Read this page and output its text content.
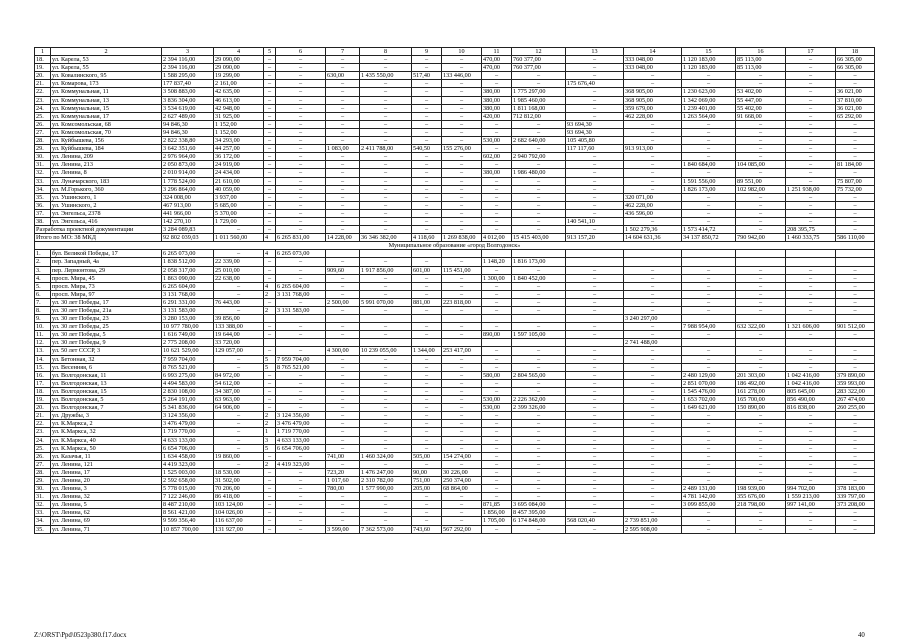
1	2	3	4	5	6	7	8	9	10	11	12	13	14	15	16	17	18
18.	ул. Карела, 53	2 394 116,00	29 090,00	–	–	–	–	–	–	470,00	760 377,00	–	333 048,00	1 120 183,00	85 113,00	–	66 305,00
19.	ул. Карела, 55	2 394 116,00	29 090,00	–	–	–	–	–	–	470,00	760 377,00	–	333 048,00	1 120 183,00	85 113,00	–	66 305,00
20.	ул. Ковалинского, 95	1 588 295,00	19 299,00	–	–	630,00	1 435 550,00	517,40	133 446,00	–	–	–	–	–	–	–	–
21.	ул. Комарова, 173	177 837,40	2 161,00	–	–	–	–	–	–	–	–	175 676,40	–	–	–	–	–
22.	ул. Коммунальная, 11	3 508 883,00	42 635,00	–	–	–	–	–	–	380,00	1 775 297,00	–	368 905,00	1 230 623,00	53 402,00	–	36 021,00
23.	ул. Коммунальная, 13	3 836 304,00	46 613,00	–	–	–	–	–	–	380,00	1 985 460,00	–	368 905,00	1 342 069,00	55 447,00	–	37 810,00
24.	ул. Коммунальная, 15	3 534 619,00	42 948,00	–	–	–	–	–	–	380,00	1 811 168,00	–	359 679,00	1 239 401,00	55 402,00	–	36 021,00
25.	ул. Коммунальная, 17	2 627 489,00	31 925,00	–	–	–	–	–	–	420,00	712 812,00	–	462 228,00	1 263 564,00	91 668,00	–	65 292,00
26.	ул. Комсомольская, 68	94 846,30	1 152,00	–	–	–	–	–	–	–	–	93 694,30	–	–	–	–	–
27.	ул. Комсомольская, 70	94 846,30	1 152,00	–	–	–	–	–	–	–	–	93 694,30	–	–	–	–	–
28.	ул. Куйбышева, 156	2 822 338,80	34 293,00	–	–	–	–	–	–	530,00	2 682 640,00	105 405,80	–	–	–	–	–
29.	ул. Куйбышева, 184	3 642 351,60	44 257,00	–	–	1 083,00	2 411 788,00	540,50	155 276,00	–	–	117 117,60	913 913,00	–	–	–	–
30.	ул. Ленина, 209	2 976 964,00	36 172,00	–	–	–	–	–	–	602,00	2 940 792,00	–	–	–	–	–	–
31.	ул. Ленина, 213	2 050 873,00	24 919,00	–	–	–	–	–	–	–	–	–	–	1 840 684,00	104 085,00	–	81 184,00
32.	ул. Ленина, 8	2 010 914,00	24 434,00	–	–	–	–	–	–	380,00	1 986 480,00	–	–	–	–	–	–
33.	ул. Луначарского, 183	1 778 524,00	21 610,00	–	–	–	–	–	–	–	–	–	–	1 591 556,00	89 551,00	–	75 807,00
34.	ул. М.Горького, 360	3 296 864,00	40 059,00	–	–	–	–	–	–	–	–	–	–	1 826 173,00	102 982,00	1 251 938,00	75 732,00
35.	ул. Ушинского, 1	324 008,00	3 937,00	–	–	–	–	–	–	–	–	–	320 071,00	–	–	–	–
36.	ул. Ушинского, 2	467 913,00	5 685,00	–	–	–	–	–	–	–	–	–	462 228,00	–	–	–	–
37.	ул. Энгельса, 2378	441 966,00	5 370,00	–	–	–	–	–	–	–	–	–	436 596,00	–	–	–	–
38.	ул. Энгельса, 416	142 270,10	1 729,00	–	–	–	–	–	–	–	–	140 541,10	–	–	–	–	–
Разработка проектной документации		3 284 089,83	–	–	–	–	–	–	–	–	–	–	1 502 279,36	1 573 414,72	–	208 395,75	–
Итого по МО: 38 МКД		92 802 039,03	1 011 560,00	4	6 265 831,00	14 228,00	36 346 382,00	4 118,60	1 269 838,00	4 012,00	15 415 403,00	913 157,20	14 604 631,36	34 137 850,72	790 942,00	1 460 333,75	586 110,00
Муниципальное образование «город Волгодонск»																	
1.	бул. Великой Победы, 17	6 265 073,00	–	4	6 265 073,00												
2.	пер. Западный, 4а	1 838 512,00	22 339,00	–	–	–	–	–	–	1 148,20	1 816 173,00						
3.	пер. Лермонтова, 29	2 058 317,00	25 010,00	–	–	909,60	1 917 856,00	601,00	115 451,00	–	–	–	–	–	–	–	–
4.	просп. Мира, 45	1 863 090,00	22 638,00	–	–	–	–	–	–	1 300,00	1 840 452,00	–	–	–	–	–	–
5.	просп. Мира, 73	6 265 604,00	–	4	6 265 604,00	–	–	–	–	–	–	–	–	–	–	–	–
6.	просп. Мира, 97	3 131 768,00	–	2	3 131 768,00	–	–	–	–	–	–	–	–	–	–	–	–
7.	ул. 30 лет Победы, 17	6 291 331,00	76 443,00	–	–	2 500,00	5 991 070,00	881,00	223 818,00	–	–	–	–	–	–	–	–
8.	ул. 30 лет Победы, 21а	3 131 583,00	–	2	3 131 583,00	–	–	–	–	–	–	–	–	–	–	–	–
9.	ул. 30 лет Победы, 23	3 280 153,00	39 856,00										3 240 297,00				
10.	ул. 30 лет Победы, 25	10 977 780,00	133 388,00	–	–	–	–	–	–	–	–	–	–	7 988 954,00	632 322,00	1 321 606,00	901 512,00
11.	ул. 30 лет Победы, 5	1 616 749,00	19 644,00	–	–	–	–	–	–	890,00	1 597 105,00	–	–	–	–	–	–
12.	ул. 30 лет Победы, 9	2 775 208,00	33 720,00										2 741 488,00				
13.	ул. 50 лет СССР, 3	10 621 529,00	129 057,00	–	–	4 300,00	10 239 055,00	1 344,00	253 417,00	–	–	–	–	–	–	–	–
14.	ул. Бетонная, 32	7 959 704,00	–	5	7 959 704,00	–	–	–	–	–	–	–	–	–	–	–	–
15.	ул. Весенняя, 6	8 765 521,00	–	5	8 765 521,00	–	–	–	–	–	–	–	–	–	–	–	–
16.	ул. Волгодонская, 11	6 993 275,00	84 972,00	–	–	–	–	–	–	580,00	2 804 565,00	–	–	2 480 129,00	201 303,00	1 042 416,00	379 890,00
17.	ул. Волгодонская, 13	4 494 583,00	54 612,00	–	–	–	–	–	–	–	–	–	–	2 851 070,00	186 492,00	1 042 416,00	359 993,00
18.	ул. Волгодонская, 15	2 830 108,00	34 387,00	–	–	–	–	–	–	–	–	–	–	1 545 476,00	161 278,00	805 645,00	283 322,00
19.	ул. Волгодонская, 5	5 264 191,00	63 963,00	–	–	–	–	–	–	530,00	2 226 362,00	–	–	1 653 702,00	165 700,00	856 490,00	267 474,00
20.	ул. Волгодонская, 7	5 341 836,00	64 906,00	–	–	–	–	–	–	530,00	2 399 326,00	–	–	1 649 621,00	150 890,00	816 838,00	260 255,00
21.	ул. Дружбы, 3	3 124 356,00	–	2	3 124 356,00	–	–	–	–	–	–	–	–	–	–	–	–
22.	ул. К.Маркса, 2	3 476 479,00	–	2	3 476 479,00	–	–	–	–	–	–	–	–	–	–	–	–
23.	ул. К.Маркса, 32	1 719 770,00	–	1	1 719 770,00	–	–	–	–	–	–	–	–	–	–	–	–
24.	ул. К.Маркса, 40	4 633 133,00	–	3	4 633 133,00	–	–	–	–	–	–	–	–	–	–	–	–
25.	ул. К.Маркса, 50	6 654 706,00	–	5	6 654 706,00	–	–	–	–	–	–	–	–	–	–	–	–
26.	ул. Казачья, 11	1 634 458,00	19 860,00	–	–	741,00	1 460 324,00	505,00	154 274,00	–	–	–	–	–	–	–	–
27.	ул. Ленина, 121	4 419 323,00	–	2	4 419 323,00	–	–	–	–	–	–	–	–	–	–	–	–
28.	ул. Ленина, 17	1 525 003,00	18 530,00	–	–	723,20	1 476 247,00	90,00	30 226,00	–	–	–	–	–	–	–	–
29.	ул. Ленина, 20	2 592 658,00	31 502,00	–	–	1 017,60	2 310 782,00	751,00	250 374,00	–	–	–	–	–	–	–	–
30.	ул. Ленина, 3	5 778 015,00	70 206,00	–	–	780,00	1 577 990,00	205,00	68 864,00	–	–	–	–	2 489 131,00	198 939,00	994 702,00	378 183,00
31.	ул. Ленина, 32	7 122 246,00	86 418,00	–	–	–	–	–	–	–	–	–	–	4 781 142,00	355 676,00	1 559 213,00	339 797,00
32.	ул. Ленина, 5	8 487 210,00	103 124,00	–	–	–	–	–	–	871,85	3 695 084,00	–	–	3 099 855,00	218 798,00	997 141,00	373 208,00
33.	ул. Ленина, 62	8 561 421,00	104 026,00	–	–	–	–	–	–	1 856,00	8 457 395,00	–	–	–	–	–	–
34.	ул. Ленина, 69	9 599 356,40	116 637,00	–	–	–	–	–	–	1 705,00	6 174 848,00	568 020,40	2 739 851,00	–	–	–	–
35.	ул. Ленина, 71	10 857 700,00	131 927,00	–	–	3 599,00	7 362 573,00	743,60	567 292,00	–	–	–	2 595 908,00	–	–	–	–
Z:\ORST\Ppd\0523p380.f17.docx	40
